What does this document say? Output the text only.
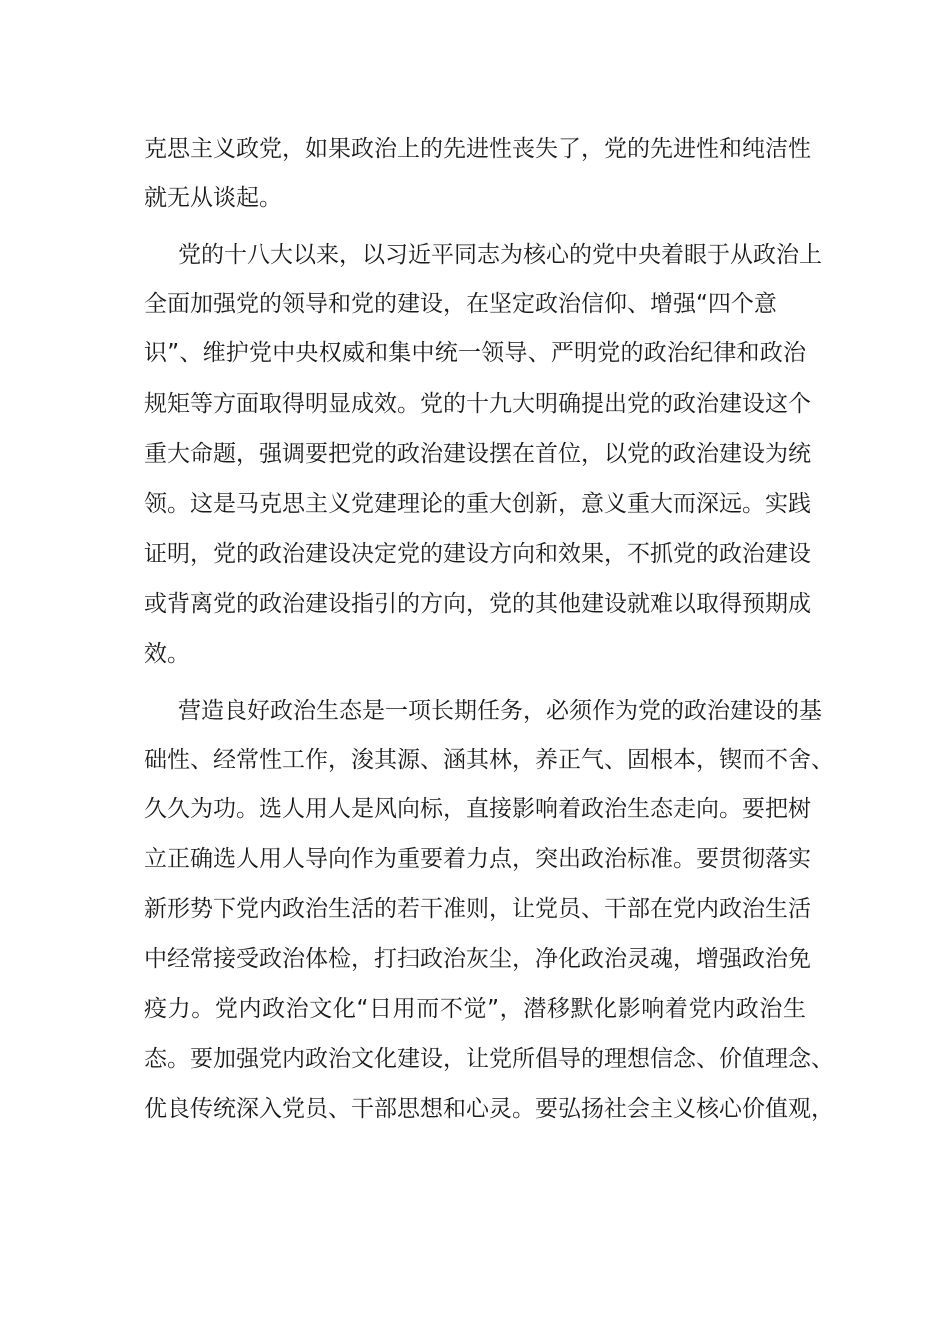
克思主义政党，如果政治上的先进性丧失了，党的先进性和纯洁性
就无从谈起。
党的十八大以来，以习近平同志为核心的党中央着眼于从政治上
全面加强党的领导和党的建设，在坚定政治信仰、增强“四个意
识”、维护党中央权威和集中统一领导、严明党的政治纪律和政治
规矩等方面取得明显成效。党的十九大明确提出党的政治建设这个
重大命题，强调要把党的政治建设摆在首位，以党的政治建设为统
领。这是马克思主义党建理论的重大创新，意义重大而深远。实践
证明，党的政治建设决定党的建设方向和效果，不抓党的政治建设
或背离党的政治建设指引的方向，党的其他建设就难以取得预期成
效。
营造良好政治生态是一项长期任务，必须作为党的政治建设的基
础性、经常性工作，浚其源、涵其林，养正气、固根本，锲而不舍、
久久为功。选人用人是风向标，直接影响着政治生态走向。要把树
立正确选人用人导向作为重要着力点，突出政治标准。要贯彻落实
新形势下党内政治生活的若干准则，让党员、干部在党内政治生活
中经常接受政治体检，打扫政治灰尘，净化政治灵魂，增强政治免
疫力。党内政治文化“日用而不觉”，潜移默化影响着党内政治生
态。要加强党内政治文化建设，让党所倡导的理想信念、价值理念、
优良传统深入党员、干部思想和心灵。要弘扬社会主义核心价值观，
